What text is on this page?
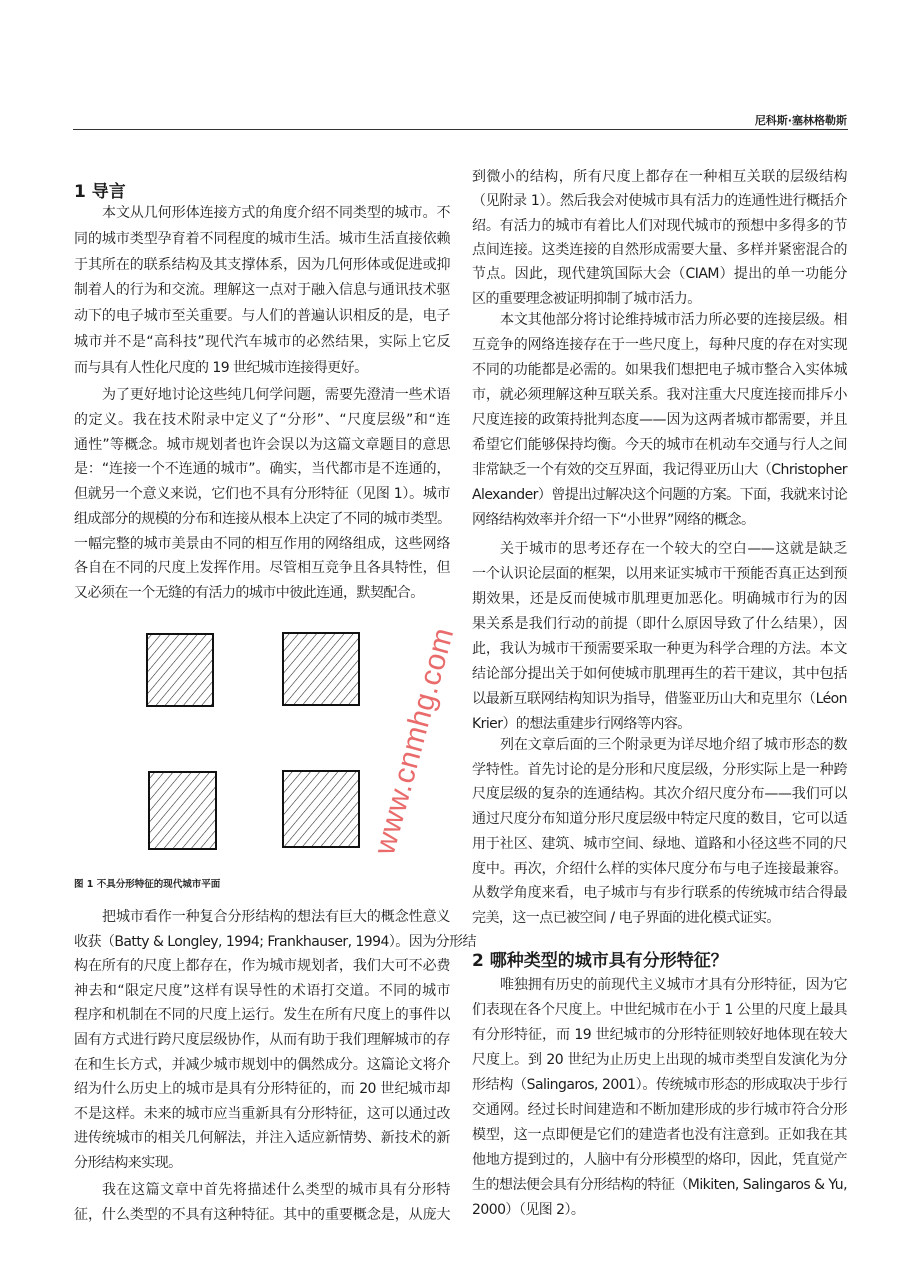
尼科斯·塞林格勒斯
1 导言
本文从几何形体连接方式的角度介绍不同类型的城市。不
同的城市类型孕育着不同程度的城市生活。城市生活直接依赖
于其所在的联系结构及其支撑体系，因为几何形体或促进或抑
制着人的行为和交流。理解这一点对于融入信息与通讯技术驱
动下的电子城市至关重要。与人们的普遍认识相反的是，电子
城市并不是“高科技”现代汽车城市的必然结果，实际上它反
而与具有人性化尺度的 19 世纪城市连接得更好。
为了更好地讨论这些纯几何学问题，需要先澄清一些术语
的定义。我在技术附录中定义了“分形”、“尺度层级”和“连
通性”等概念。城市规划者也许会误以为这篇文章题目的意思
是：“连接一个不连通的城市”。确实，当代都市是不连通的，
但就另一个意义来说，它们也不具有分形特征（见图 1）。城市
组成部分的规模的分布和连接从根本上决定了不同的城市类型。
一幅完整的城市美景由不同的相互作用的网络组成，这些网络
各自在不同的尺度上发挥作用。尽管相互竞争且各具特性，但
又必须在一个无缝的有活力的城市中彼此连通，默契配合。
图 1 不具分形特征的现代城市平面
把城市看作一种复合分形结构的想法有巨大的概念性意义
收获（Batty & Longley, 1994; Frankhauser, 1994）。因为分形结
构在所有的尺度上都存在，作为城市规划者，我们大可不必费
神去和“限定尺度”这样有误导性的术语打交道。不同的城市
程序和机制在不同的尺度上运行。发生在所有尺度上的事件以
固有方式进行跨尺度层级协作，从而有助于我们理解城市的存
在和生长方式，并减少城市规划中的偶然成分。这篇论文将介
绍为什么历史上的城市是具有分形特征的，而 20 世纪城市却
不是这样。未来的城市应当重新具有分形特征，这可以通过改
进传统城市的相关几何解法，并注入适应新情势、新技术的新
分形结构来实现。
我在这篇文章中首先将描述什么类型的城市具有分形特
征，什么类型的不具有这种特征。其中的重要概念是，从庞大
到微小的结构，所有尺度上都存在一种相互关联的层级结构
（见附录 1）。然后我会对使城市具有活力的连通性进行概括介
绍。有活力的城市有着比人们对现代城市的预想中多得多的节
点间连接。这类连接的自然形成需要大量、多样并紧密混合的
节点。因此，现代建筑国际大会（CIAM）提出的单一功能分
区的重要理念被证明抑制了城市活力。
本文其他部分将讨论维持城市活力所必要的连接层级。相
互竞争的网络连接存在于一些尺度上，每种尺度的存在对实现
不同的功能都是必需的。如果我们想把电子城市整合入实体城
市，就必须理解这种互联关系。我对注重大尺度连接而排斥小
尺度连接的政策持批判态度——因为这两者城市都需要，并且
希望它们能够保持均衡。今天的城市在机动车交通与行人之间
非常缺乏一个有效的交互界面，我记得亚历山大（Christopher
Alexander）曾提出过解决这个问题的方案。下面，我就来讨论
网络结构效率并介绍一下“小世界”网络的概念。
关于城市的思考还存在一个较大的空白——这就是缺乏
一个认识论层面的框架，以用来证实城市干预能否真正达到预
期效果，还是反而使城市肌理更加恶化。明确城市行为的因
果关系是我们行动的前提（即什么原因导致了什么结果），因
此，我认为城市干预需要采取一种更为科学合理的方法。本文
结论部分提出关于如何使城市肌理再生的若干建议，其中包括
以最新互联网结构知识为指导，借鉴亚历山大和克里尔（Léon
Krier）的想法重建步行网络等内容。
列在文章后面的三个附录更为详尽地介绍了城市形态的数
学特性。首先讨论的是分形和尺度层级，分形实际上是一种跨
尺度层级的复杂的连通结构。其次介绍尺度分布——我们可以
通过尺度分布知道分形尺度层级中特定尺度的数目，它可以适
用于社区、建筑、城市空间、绿地、道路和小径这些不同的尺
度中。再次，介绍什么样的实体尺度分布与电子连接最兼容。
从数学角度来看，电子城市与有步行联系的传统城市结合得最
完美，这一点已被空间 / 电子界面的进化模式证实。
2 哪种类型的城市具有分形特征？
唯独拥有历史的前现代主义城市才具有分形特征，因为它
们表现在各个尺度上。中世纪城市在小于 1 公里的尺度上最具
有分形特征，而 19 世纪城市的分形特征则较好地体现在较大
尺度上。到 20 世纪为止历史上出现的城市类型自发演化为分
形结构（Salingaros, 2001）。传统城市形态的形成取决于步行
交通网。经过长时间建造和不断加建形成的步行城市符合分形
模型，这一点即便是它们的建造者也没有注意到。正如我在其
他地方提到过的，人脑中有分形模型的烙印，因此，凭直觉产
生的想法便会具有分形结构的特征（Mikiten, Salingaros & Yu,
2000）（见图 2）。
www.cnmhg.com
